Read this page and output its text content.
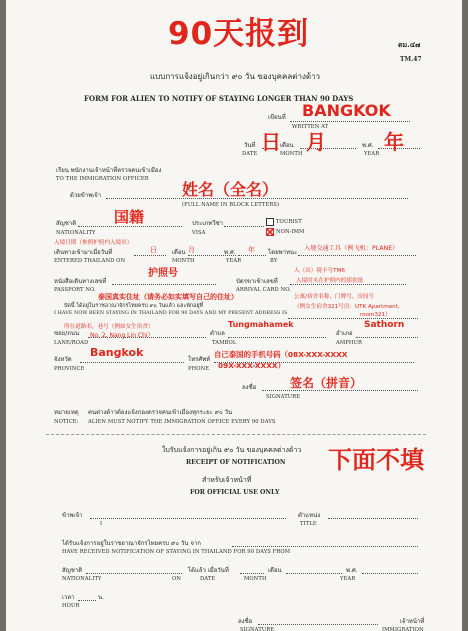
90天报到	ตม.๔๗
TM.47
แบบการแจ้งอยู่เกินกว่า ๙๐ วัน ของบุคคลต่างด้าว
FORM FOR ALIEN TO NOTIFY OF STAYING LONGER THAN 90 DAYS
เขียนที่ BANGKOK
WRITTEN AT
วันที่ 日 เดือน 月	พ.ศ. 年
DATE	MONTH	YEAR
เรียน พนักงานเจ้าหน้าที่ตรวจคนเข้าเมือง
TO THE IMMIGRATION OFFICER
ด้วยข้าพเจ้า	姓名（全名）
(FULL NAME IN BLOCK LETTERS)
สัญชาติ	国籍
NATIONALITY
ประเภทวีซ่า
VISA
TOURIST
NON-IMM
入境日期（参照护照内入境章）
เดินทางเข้ามาเมื่อวันที่	日	เดือน 月	พ.ศ. 年 โดยพาหนะ
入境交通工具（例飞机：PLANE）
ENTERED THAILAND ON	MONTH	YEAR	BY
หนังสือเดินทางเลขที่
护照号
PASSPORT NO.
บัตรขาเข้าเลขที่
入（出）境卡号TM6
入境时夹在护照内的那张纸
ARRIVAL CARD NO.
泰国真实住址（请务必如实填写自己的住址）	公寓/宿舍名称，门牌号，房间号
บัดนี้ ได้อยู่ในราชอาณาจักรไทยครบ ๙๐ วันแล้ว และพักอยู่ที่	（例女生宿舍321号房：UTK Apartment，
I HAVE NOW BEEN STAYING IN THAILAND FOR 90 DAYS AND MY PRESENT ADDRESS IS	room321）
所在道路名，巷号（例如女生宿舍）
No. 2, Nang Lin Chi）
ซอย/ถนน
LANE/ROAD
ตำบล
Tungmahamek
TAMBOL
อำเภอ
Sathorn
AMPHUR
จังหวัด
Bangkok
PROVINCE
โทรศัพท์
自己泰国的手机号码（08X-XXX-XXXX
09X-XXX-XXXX）
PHONE
ลงชื่อ	签名（拼音）
SIGNATURE
หมายเหตุ คนต่างด้าวต้องแจ้งกองตรวจคนเข้าเมืองทุกระยะ ๙๐ วัน
NOTICE: ALIEN MUST NOTIFY THE IMMIGRATION OFFICE EVERY 90 DAYS
ใบรับแจ้งการอยู่เกิน ๙๐ วัน ของบุคคลต่างด้าว 下面不填
RECEIPT OF NOTIFICATION
สำหรับเจ้าหน้าที่
FOR OFFICIAL USE ONLY
ข้าพเจ้า
I
ตำแหน่ง
TITLE
ได้รับแจ้งการอยู่ในราชอาณาจักรไทยครบ ๙๐ วัน จาก
HAVE RECEIVED NOTIFICATION OF STAYING IN THAILAND FOR 90 DAYS FROM
สัญชาติ
NATIONALITY
ได้แล้ว เมื่อวันที่
ON	DATE
เดือน
MONTH
พ.ศ.
YEAR
เวลา	น.
HOUR
ลงชื่อ
SIGNATURE
เจ้าหน้าที่
IMMIGRATION
